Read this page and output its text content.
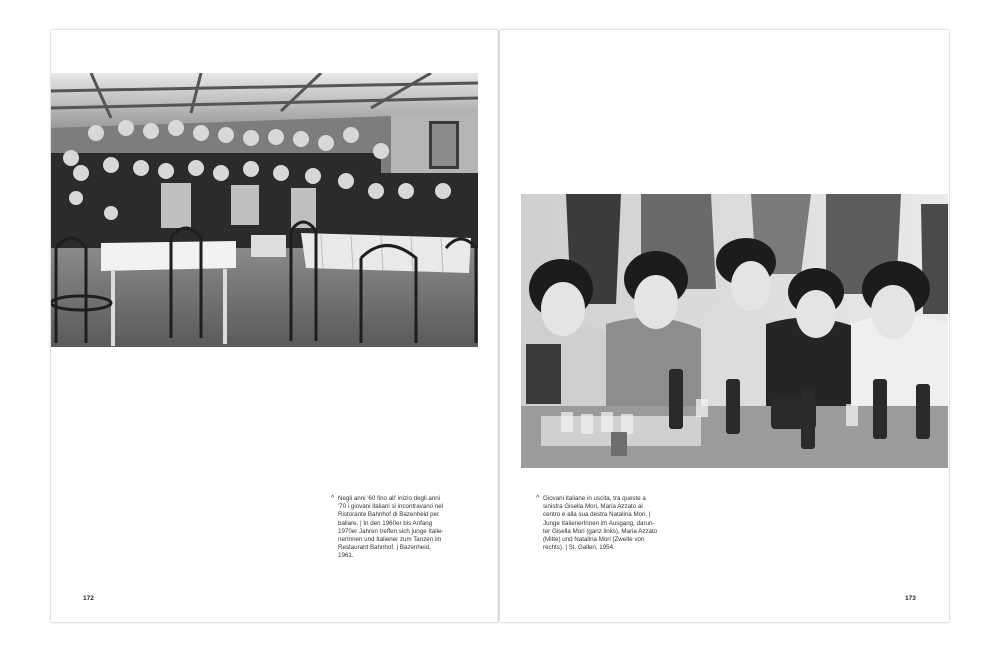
^ Negli anni '60 fino all' inizio degli anni
'70 i giovani italiani si incontravano nel
Ristorante Bahnhof di Bazenheid per
ballare. | In den 1960er bis Anfang
1970er Jahren treffen sich junge Italie-
nerInnen und Italiener zum Tanzen im
Restaurant Bahnhof. | Bazenheid,
1961.
172
^ Giovani italiane in uscita, tra queste a
sinistra Gisella Mori, Maria Azzato al
centro e alla sua destra Natalina Mori. |
Junge ItalienerInnen im Ausgang, darun-
ter Gisella Mori (ganz links), Maria Azzato
(Mitte) und Natalina Mori (Zweite von
rechts). | St. Gallen, 1954.
173
